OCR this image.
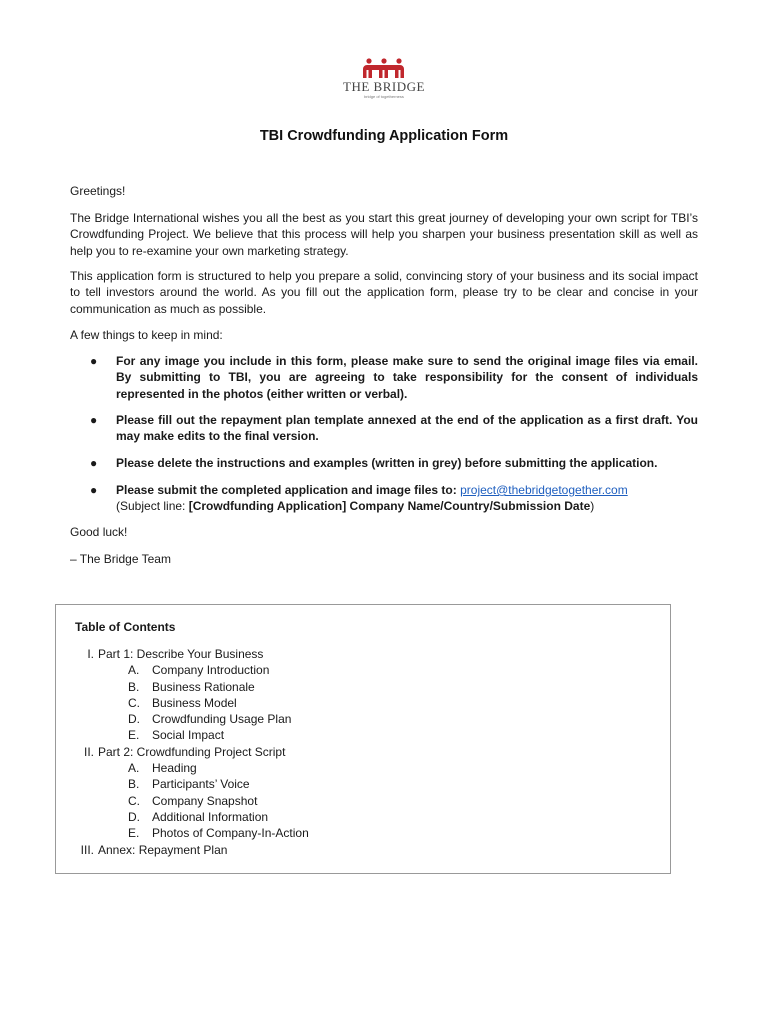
THE BRIDGE
bridge of togetherness
TBI Crowdfunding Application Form
Greetings!

The Bridge International wishes you all the best as you start this great journey of developing your own script for TBI’s Crowdfunding Project. We believe that this process will help you sharpen your business presentation skill as well as help you to re-examine your own marketing strategy.

This application form is structured to help you prepare a solid, convincing story of your business and its social impact to tell investors around the world. As you fill out the application form, please try to be clear and concise in your communication as much as possible.

A few things to keep in mind:
● For any image you include in this form, please make sure to send the original image files via email. By submitting to TBI, you are agreeing to take responsibility for the consent of individuals represented in the photos (either written or verbal).
● Please fill out the repayment plan template annexed at the end of the application as a first draft. You may make edits to the final version.
● Please delete the instructions and examples (written in grey) before submitting the application.
● Please submit the completed application and image files to: project@thebridgetogether.com
(Subject line: [Crowdfunding Application] Company Name/Country/Submission Date)
Good luck!
– The Bridge Team
Table of Contents
I. Part 1: Describe Your Business
A.	Company Introduction
B.	Business Rationale
C.	Business Model
D.	Crowdfunding Usage Plan
E.	Social Impact
II. Part 2: Crowdfunding Project Script
A.	Heading
B.	Participants’ Voice
C.	Company Snapshot
D.	Additional Information
E.	Photos of Company-In-Action
III. Annex: Repayment Plan
